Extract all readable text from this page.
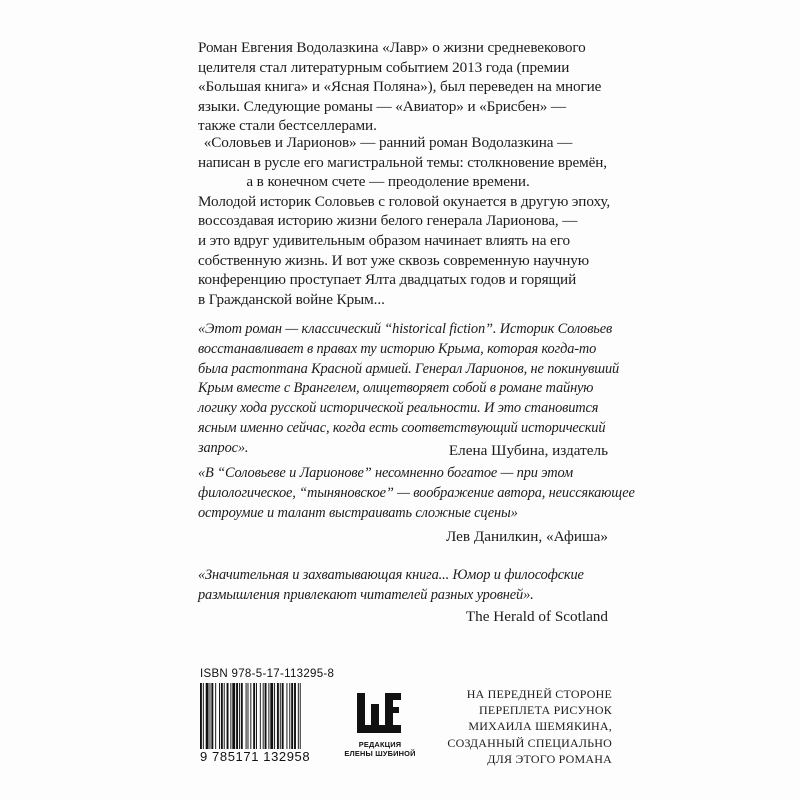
Роман Евгения Водолазкина «Лавр» о жизни средневекового
целителя стал литературным событием 2013 года (премии
«Большая книга» и «Ясная Поляна»), был переведен на многие
языки. Следующие романы — «Авиатор» и «Брисбен» —
также стали бестселлерами.

«Соловьев и Ларионов» — ранний роман Водолазкина —
написан в русле его магистральной темы: столкновение времён,
а в конечном счете — преодоление времени.

Молодой историк Соловьев с головой окунается в другую эпоху,
воссоздавая историю жизни белого генерала Ларионова, —
и это вдруг удивительным образом начинает влиять на его
собственную жизнь. И вот уже сквозь современную научную
конференцию проступает Ялта двадцатых годов и горящий
в Гражданской войне Крым...

«Этот роман — классический “historical fiction”. Историк Соловьев
восстанавливает в правах ту историю Крыма, которая когда-то
была растоптана Красной армией. Генерал Ларионов, не покинувший
Крым вместе с Врангелем, олицетворяет собой в романе тайную
логику хода русской исторической реальности. И это становится
ясным именно сейчас, когда есть соответствующий исторический
запрос».	Елена Шубина, издатель

«В “Соловьеве и Ларионове” несомненно богатое — при этом
филологическое, “тыняновское” — воображение автора, неиссякающее
остроумие и талант выстраивать сложные сцены»

Лев Данилкин, «Афиша»

«Значительная и захватывающая книга... Юмор и философские
размышления привлекают читателей разных уровней».

The Herald of Scotland

ISBN 978-5-17-113295-8
9 785171 132958
РЕДАКЦИЯ
ЕЛЕНЫ ШУБИНОЙ
НА ПЕРЕДНЕЙ СТОРОНЕ
ПЕРЕПЛЕТА РИСУНОК
МИХАИЛА ШЕМЯКИНА,
СОЗДАННЫЙ СПЕЦИАЛЬНО
ДЛЯ ЭТОГО РОМАНА
